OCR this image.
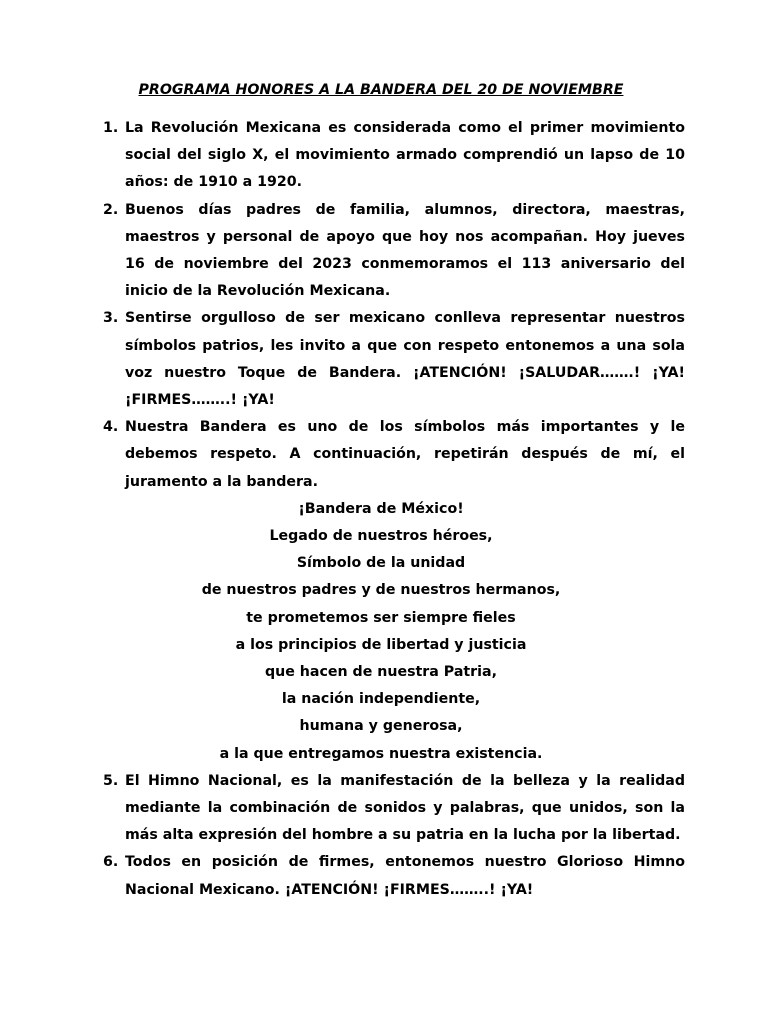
PROGRAMA HONORES A LA BANDERA DEL 20 DE NOVIEMBRE
1. La Revolución Mexicana es considerada como el primer movimiento social del siglo X, el movimiento armado comprendió un lapso de 10 años: de 1910 a 1920.
2. Buenos días padres de familia, alumnos, directora, maestras, maestros y personal de apoyo que hoy nos acompañan. Hoy jueves 16 de noviembre del 2023 conmemoramos el 113 aniversario del inicio de la Revolución Mexicana.
3. Sentirse orgulloso de ser mexicano conlleva representar nuestros símbolos patrios, les invito a que con respeto entonemos a una sola voz nuestro Toque de Bandera. ¡ATENCIÓN! ¡SALUDAR…….! ¡YA! ¡FIRMES……..! ¡YA!
4. Nuestra Bandera es uno de los símbolos más importantes y le debemos respeto. A continuación, repetirán después de mí, el juramento a la bandera.
¡Bandera de México!
Legado de nuestros héroes,
Símbolo de la unidad
de nuestros padres y de nuestros hermanos,
te prometemos ser siempre fieles
a los principios de libertad y justicia
que hacen de nuestra Patria,
la nación independiente,
humana y generosa,
a la que entregamos nuestra existencia.
5. El Himno Nacional, es la manifestación de la belleza y la realidad mediante la combinación de sonidos y palabras, que unidos, son la más alta expresión del hombre a su patria en la lucha por la libertad.
6. Todos en posición de firmes, entonemos nuestro Glorioso Himno Nacional Mexicano. ¡ATENCIÓN! ¡FIRMES……..! ¡YA!
